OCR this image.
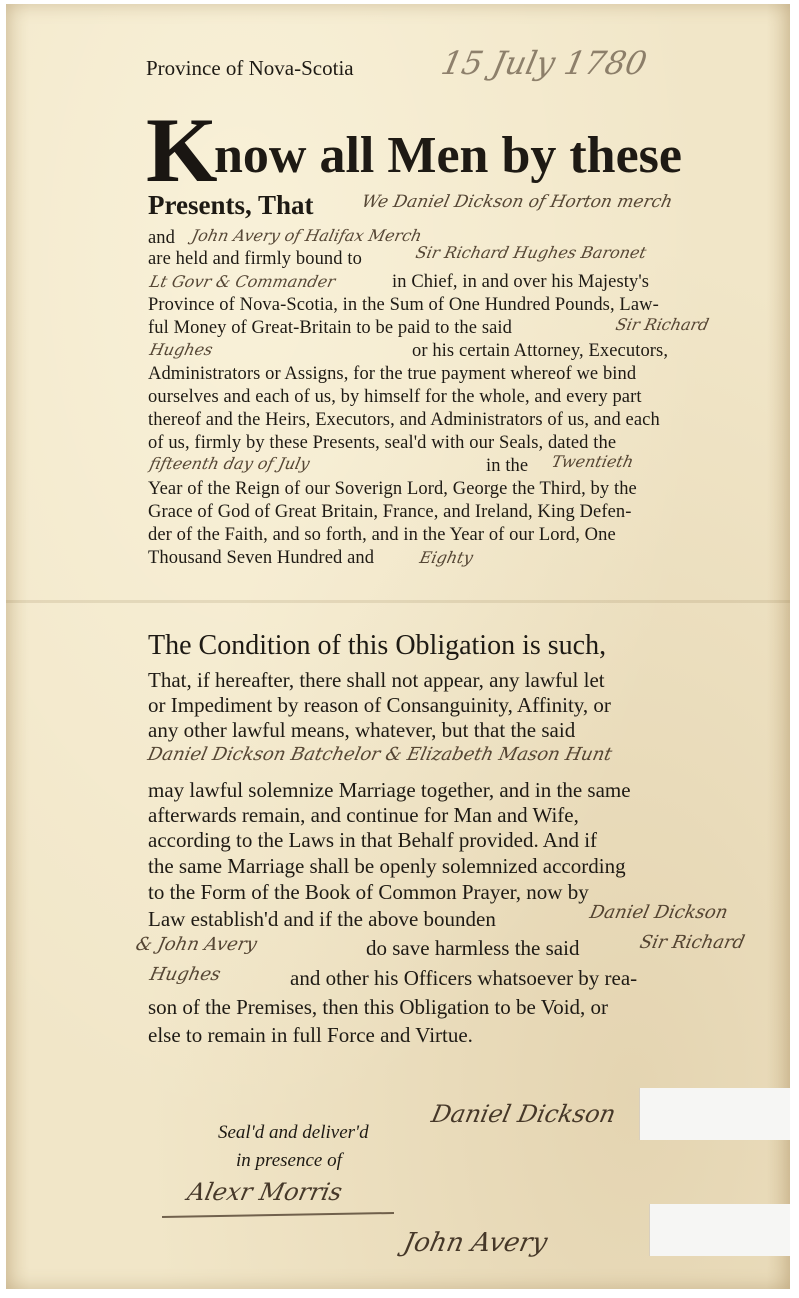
Province of Nova-Scotia	15 July 1780
K
now all Men by these
Presents, That	We Daniel Dickson of Horton merch
and John Avery of Halifax Merch
are held and firmly bound to	Sir Richard Hughes Baronet
Lt Govr & Commander	in Chief, in and over his Majesty's
Province of Nova-Scotia, in the Sum of One Hundred Pounds, Law-
ful Money of Great-Britain to be paid to the said	Sir Richard
Hughes	or his certain Attorney, Executors,
Administrators or Assigns, for the true payment whereof we bind
ourselves and each of us, by himself for the whole, and every part
thereof and the Heirs, Executors, and Administrators of us, and each
of us, firmly by these Presents, seal'd with our Seals, dated the
fifteenth day of July	in the Twentieth
Year of the Reign of our Soverign Lord, George the Third, by the
Grace of God of Great Britain, France, and Ireland, King Defen-
der of the Faith, and so forth, and in the Year of our Lord, One
Thousand Seven Hundred and	Eighty
The Condition of this Obligation is such,
That, if hereafter, there shall not appear, any lawful let
or Impediment by reason of Consanguinity, Affinity, or
any other lawful means, whatever, but that the said
Daniel Dickson Batchelor & Elizabeth Mason Hunt
may lawful solemnize Marriage together, and in the same
afterwards remain, and continue for Man and Wife,
according to the Laws in that Behalf provided. And if
the same Marriage shall be openly solemnized according
to the Form of the Book of Common Prayer, now by
Law establish'd and if the above bounden	Daniel Dickson
& John Avery	do save harmless the said	Sir Richard
Hughes	and other his Officers whatsoever by rea-
son of the Premises, then this Obligation to be Void, or
else to remain in full Force and Virtue.
Seal'd and deliver'd
in presence of
Alexr Morris
Daniel Dickson
John Avery
